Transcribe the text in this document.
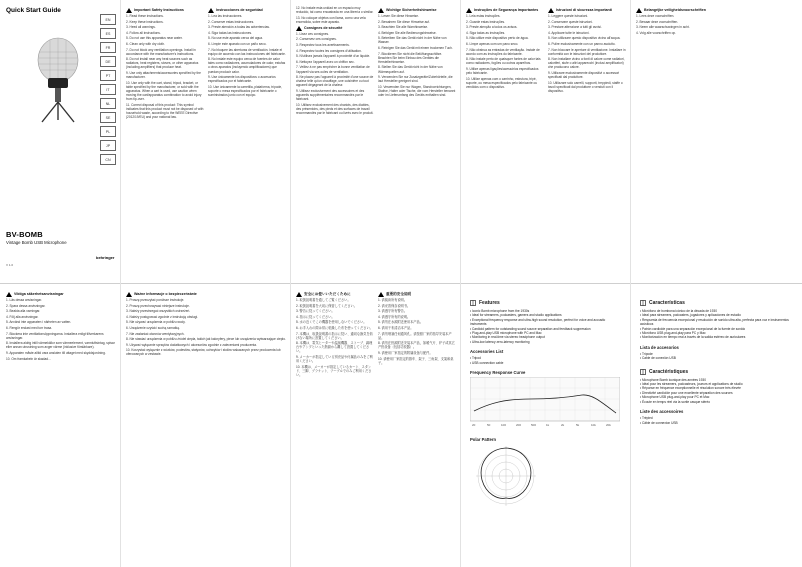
Quick Start Guide
EN
ES
FR
DE
PT
IT
NL
SE
PL
JP
CN
BV-BOMB
Vintage Bomb USB Microphone
V 1.0
behringer
Important Safety Instructions
1. Read these instructions.
2. Keep these instructions.
3. Heed all warnings.
4. Follow all instructions.
5. Do not use this apparatus near water.
6. Clean only with dry cloth.
7. Do not block any ventilation openings. Install in accordance with the manufacturer's instructions.
8. Do not install near any heat sources such as radiators, heat registers, stoves, or other apparatus (including amplifiers) that produce heat.
9. Use only attachments/accessories specified by the manufacturer.
10. Use only with the cart, stand, tripod, bracket, or table specified by the manufacturer, or sold with the apparatus. When a cart is used, use caution when moving the cart/apparatus combination to avoid injury from tip-over.
11. Correct disposal of this product: This symbol indicates that this product must not be disposed of with household waste, according to the WEEE Directive (2012/19/EU) and your national law.
Instrucciones de seguridad
1. Lea las instrucciones.
2. Conserve estas instrucciones.
3. Preste atención a todas las advertencias.
4. Siga todas las instrucciones.
5. No use este aparato cerca del agua.
6. Limpie este aparato con un paño seco.
7. No bloquee las aberturas de ventilación. Instale el equipo de acuerdo con las instrucciones del fabricante.
8. No instale este equipo cerca de fuentes de calor tales como radiadores, acumuladores de calor, estufas u otros aparatos (incluyendo amplificadores) que puedan producir calor.
9. Use únicamente los dispositivos o accesorios especificados por el fabricante.
10. Use únicamente la carretilla, plataforma, trípode, soporte o mesa especificados por el fabricante o suministrados junto con el equipo.
12. No instale esta unidad en un espacio muy reducido, tal como encastrada en una librería o similar.
13. No coloque objetos con llama, como una vela encendida, sobre este aparato.
Consignes de sécurité
1. Lisez ces consignes.
2. Conservez ces consignes.
3. Respectez tous les avertissements.
4. Respectez toutes les consignes d'utilisation.
5. N'utilisez jamais l'appareil à proximité d'un liquide.
6. Nettoyez l'appareil avec un chiffon sec.
7. Veillez à ne pas empêcher la bonne ventilation de l'appareil via ses ouïes de ventilation.
8. Ne placez pas l'appareil à proximité d'une source de chaleur telle qu'un chauffage, une cuisinière ou tout appareil dégageant de la chaleur.
9. Utilisez exclusivement des accessoires et des appareils supplémentaires recommandés par le fabricant.
10. Utilisez exclusivement des chariots, des diables, des présentoirs, des pieds et des surfaces de travail recommandés par le fabricant ou livrés avec le produit.
Wichtige Sicherheitshinweise
1. Lesen Sie diese Hinweise.
2. Bewahren Sie diese Hinweise auf.
3. Beachten Sie alle Warnhinweise.
4. Befolgen Sie alle Bedienungshinweise.
5. Betreiben Sie das Gerät nicht in der Nähe von Wasser.
6. Reinigen Sie das Gerät mit einem trockenen Tuch.
7. Blockieren Sie nicht die Belüftungsschlitze. Beachten Sie beim Einbau des Gerätes die Herstellerhinweise.
8. Stellen Sie das Gerät nicht in der Nähe von Wärmequellen auf.
9. Verwenden Sie nur Zusatzgeräte/Zubehörteile, die laut Hersteller geeignet sind.
10. Verwenden Sie nur Wagen, Standvorrichtungen, Stative, Halter oder Tische, die vom Hersteller benannt oder im Lieferumfang des Geräts enthalten sind.
Instruções de Segurança Importantes
1. Leia estas instruções.
2. Guarde estas instruções.
3. Preste atenção a todos os avisos.
4. Siga todas as instruções.
5. Não utilize este dispositivo perto de água.
6. Limpe apenas com um pano seco.
7. Não obstrua as entradas de ventilação. Instale de acordo com as instruções do fabricante.
8. Não instale perto de quaisquer fontes de calor tais como radiadores, fogões ou outros aparelhos.
9. Utilize apenas ligações/acessórios especificados pelo fabricante.
10. Utilize apenas com o carrinho, estrutura, tripé, suporte, ou mesa especificados pelo fabricante ou vendidos com o dispositivo.
Istruzioni di sicurezza importanti
1. Leggere queste istruzioni.
2. Conservare queste istruzioni.
3. Prestare attenzione a tutti gli avvisi.
4. Applicare tutte le istruzioni.
5. Non utilizzare questo dispositivo vicino all'acqua.
6. Pulire esclusivamente con un panno asciutto.
7. Non bloccare le aperture di ventilazione. Installare in conformità con le istruzioni del produttore.
8. Non installare vicino a fonti di calore come radiatori, caloriferi, stufe o altri apparecchi (inclusi amplificatori) che producono calore.
9. Utilizzare esclusivamente dispositivi o accessori specificati dal produttore.
10. Utilizzare solo carrelli, supporti, treppiedi, staffe o tavoli specificati dal produttore o venduti con il dispositivo.
Belangrijke veiligheidsvoorschriften
1. Lees deze voorschriften.
2. Bewaar deze voorschriften.
3. Neem alle waarschuwingen in acht.
4. Volg alle voorschriften op.
Viktiga säkerhetsanvisningar
1. Läs dessa anvisningar.
2. Spara dessa anvisningar.
3. Beakta alla varningar.
4. Följ alla anvisningar.
5. Använd inte apparaten i närheten av vatten.
6. Rengör endast med torr trasa.
7. Blockera inte ventilationsöppningarna. Installera enligt tillverkarens anvisningar.
8. Installera aldrig intill värmekällor som värmeelement, varmluftsintag, spisar eller annan utrustning som avger värme (inklusive förstärkare).
9. Apparaten måste alltid vara ansluten till uttaget med skyddsjordning.
10. Om framkabeln är skadad...
Ważne informacje o bezpieczeństwie
1. Proszę przeczytać poniższe instrukcje.
2. Proszę przechowywać niniejsze instrukcje.
3. Należy przestrzegać wszystkich ostrzeżeń.
4. Należy postępować zgodnie z instrukcją obsługi.
5. Nie używać urządzenia w pobliżu wody.
6. Urządzenie czyścić suchą szmatką.
7. Nie zasłaniać otworów wentylacyjnych.
8. Nie stawiać urządzenia w pobliżu źródeł ciepła, takich jak kaloryfery, piece lub urządzenia wytwarzające ciepło.
9. Używać wyłącznie sprzętów dodatkowych i akcesoriów zgodnie z zaleceniami producenta.
10. Korzystać wyłącznie z wózków, podestów, statywów, uchwytów i stołów wskazanych przez producenta lub oferowanych w zestawie.
安全にお使いいただくために
1. 取扱説明書を通してご覧ください。
2. 取扱説明書を大切に保管してください。
3. 警告に従ってください。
4. 指示に従ってください。
5. 水の近くでこの機器を使用しないでください。
6. お手入れの際は常に乾燥した布を使ってください。
7. 本機は、取扱説明書の指示に従い、適切な換気を妨げない場所に設置してください。
8. 本機は、電気ヒーターや温風機器、ストーブ、調理台やアンプといった熱源から離して設置してください。
9. メーカーが指定している別売品や付属品のみをご利用ください。
10. 本機は、メーカーが指定しているカート、スタンド、三脚、ブラケット、テーブルでのみご利用ください。
重要的安全说明
1. 请阅读所有说明。
2. 请妥善保存说明书。
3. 请遵守所有警告。
4. 请遵守所有的说明。
5. 请勿在水源附近使用本产品。
6. 请用干布清洁本产品。
7. 请勿堵塞任何通风孔。请按照厂家的指导安装本产品。
8. 请勿在热源附近安装本产品，如暖气片、炉子或其它产热设备（包括功放器）。
9. 请使用厂家指定的附属设备与配件。
10. 请使用厂家指定的推车、架子、三角架、支架和桌子。
Features
• Iconic Bomb microphone from the 1930s
• Ideal for streamers, podcasters, gamers and studio applications
• Exceptional frequency response and ultra-high sound resolution, perfect for voice and acoustic instruments
• Cardioid pattern for outstanding sound source separation and feedback suppression
• Plug-and-play USB microphone with PC and Mac
• Monitoring in real-time via stereo headphone output
• Ultra-low latency zero-latency monitoring
Accessories List
• Tripod
• USB connection cable
Frequency Response Curve
20	50	100	200	500	1k	2k	5k	10k	20k
Polar Pattern
Características
• Micrófono de bombona icónico de la década de 1930
• Ideal para streamers, podcasters, jugadores y aplicaciones de estudio
• Respuesta de frecuencia excepcional y resolución de sonido ultra alta, perfecta para voz e instrumentos acústicos
• Patrón cardioide para una separación excepcional de la fuente de sonido
• Micrófono USB plug-and-play para PC y Mac
• Monitorización en tiempo real a través de la salida estéreo de auriculares
Lista de accesorios
• Trípode
• Cable de conexión USB
Caractéristiques
• Microphone Bomb iconique des années 1930
• Idéal pour les streamers, podcasteurs, joueurs et applications de studio
• Réponse en fréquence exceptionnelle et résolution sonore très élevée
• Directivité cardioïde pour une excellente séparation des sources
• Microphone USB plug-and-play pour PC et Mac
• Écoute en temps réel via la sortie casque stéréo
Liste des accessoires
• Trépied
• Câble de connexion USB
